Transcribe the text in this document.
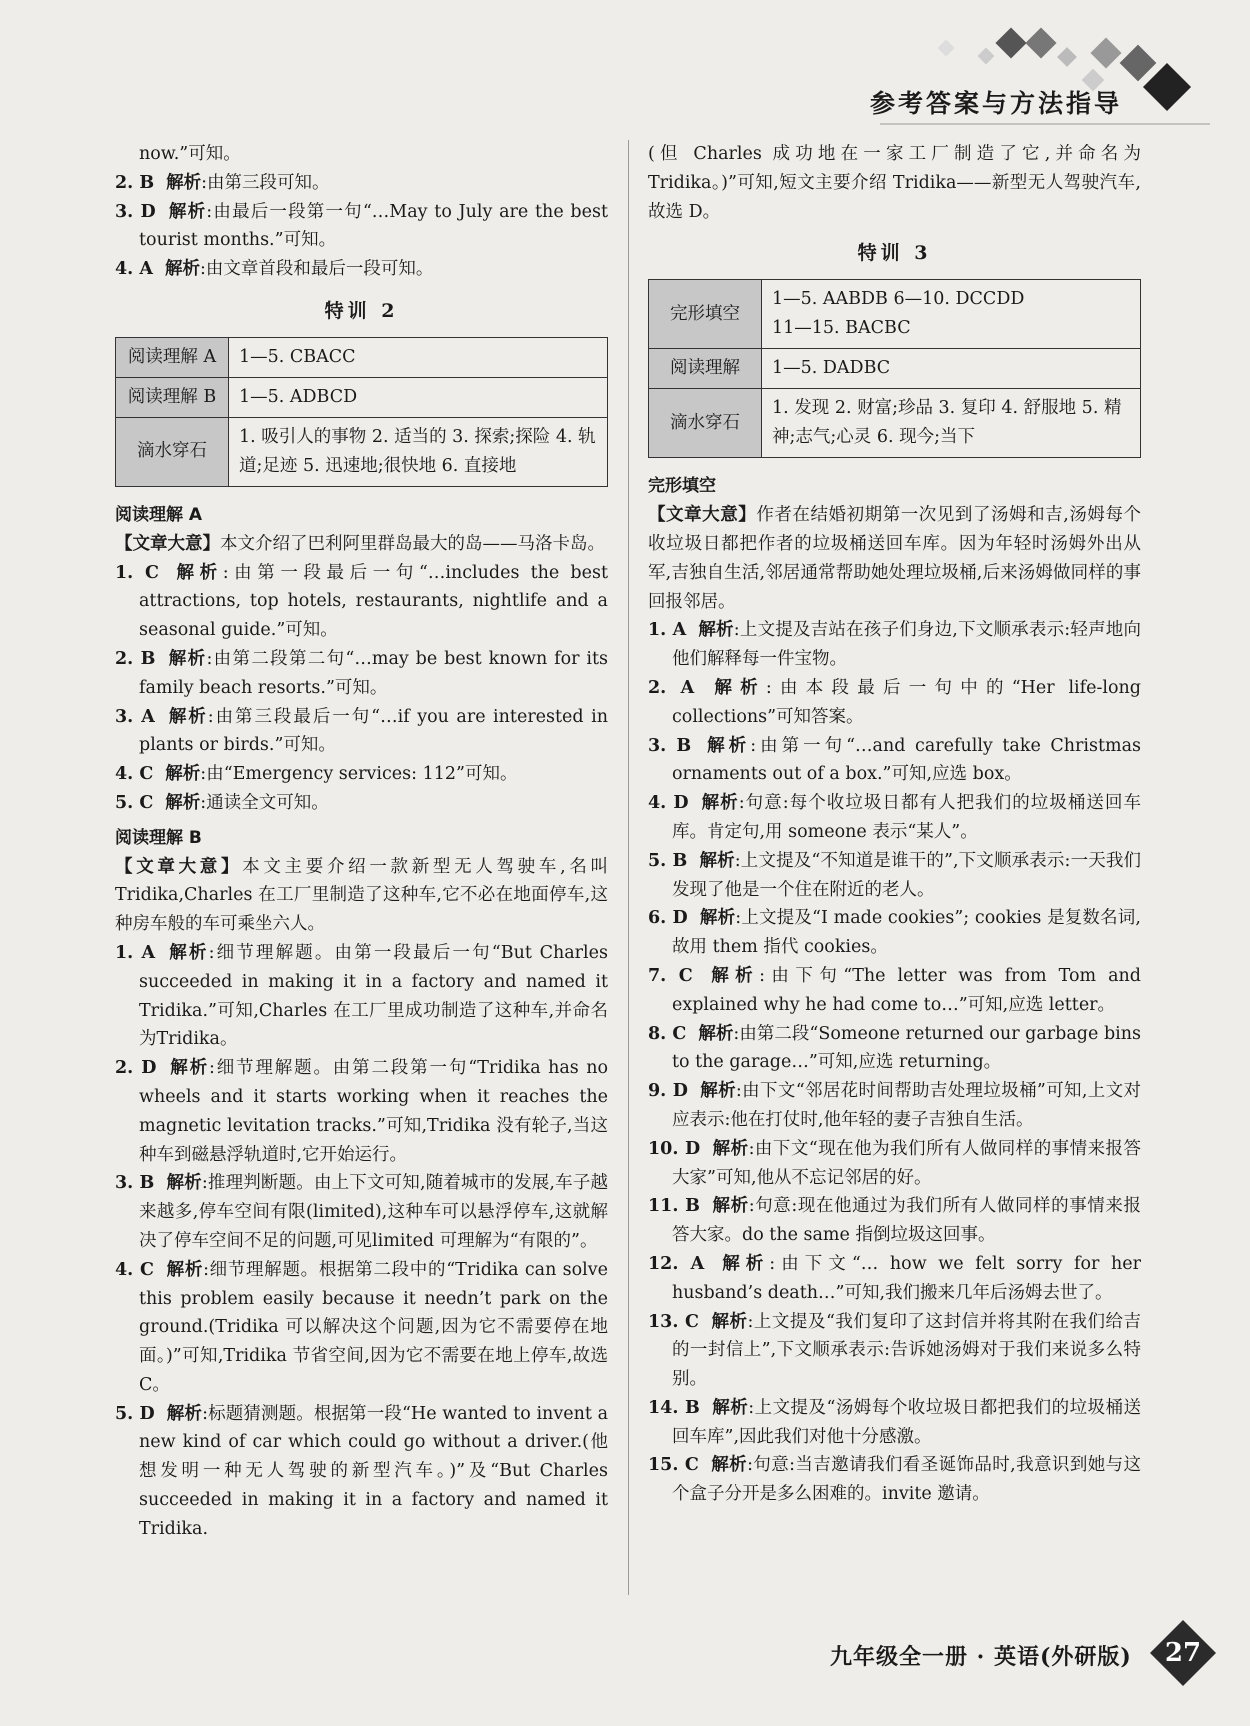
参考答案与方法指导

now.”可知。

2. B 解析:由第三段可知。

3. D 解析:由最后一段第一句“…May to July are the best tourist months.”可知。

4. A 解析:由文章首段和最后一段可知。

特训 2
阅读理解 A	1—5. CBACC
阅读理解 B	1—5. ADBCD
滴水穿石	1. 吸引人的事物 2. 适当的 3. 探索;探险 4. 轨道;足迹 5. 迅速地;很快地 6. 直接地
阅读理解 A

【文章大意】本文介绍了巴利阿里群岛最大的岛——马洛卡岛。

1. C 解析:由第一段最后一句“…includes the best attractions, top hotels, restaurants, nightlife and a seasonal guide.”可知。

2. B 解析:由第二段第二句“…may be best known for its family beach resorts.”可知。

3. A 解析:由第三段最后一句“…if you are interested in plants or birds.”可知。

4. C 解析:由“Emergency services: 112”可知。

5. C 解析:通读全文可知。

阅读理解 B

【文章大意】本文主要介绍一款新型无人驾驶车,名叫Tridika,Charles 在工厂里制造了这种车,它不必在地面停车,这种房车般的车可乘坐六人。

1. A 解析:细节理解题。由第一段最后一句“But Charles succeeded in making it in a factory and named it Tridika.”可知,Charles 在工厂里成功制造了这种车,并命名为Tridika。

2. D 解析:细节理解题。由第二段第一句“Tridika has no wheels and it starts working when it reaches the magnetic levitation tracks.”可知,Tridika 没有轮子,当这种车到磁悬浮轨道时,它开始运行。

3. B 解析:推理判断题。由上下文可知,随着城市的发展,车子越来越多,停车空间有限(limited),这种车可以悬浮停车,这就解决了停车空间不足的问题,可见limited 可理解为“有限的”。

4. C 解析:细节理解题。根据第二段中的“Tridika can solve this problem easily because it needn’t park on the ground.(Tridika 可以解决这个问题,因为它不需要停在地面。)”可知,Tridika 节省空间,因为它不需要在地上停车,故选 C。

5. D 解析:标题猜测题。根据第一段“He wanted to invent a new kind of car which could go without a driver.(他想发明一种无人驾驶的新型汽车。)”及“But Charles succeeded in making it in a factory and named it Tridika.

(但 Charles 成功地在一家工厂制造了它,并命名为Tridika。)”可知,短文主要介绍 Tridika——新型无人驾驶汽车,故选 D。

特训 3
完形填空	1—5. AABDB 6—10. DCCDD
11—15. BACBC

阅读理解	1—5. DADBC
滴水穿石	1. 发现 2. 财富;珍品 3. 复印 4. 舒服地 5. 精神;志气;心灵 6. 现今;当下
完形填空

【文章大意】作者在结婚初期第一次见到了汤姆和吉,汤姆每个收垃圾日都把作者的垃圾桶送回车库。因为年轻时汤姆外出从军,吉独自生活,邻居通常帮助她处理垃圾桶,后来汤姆做同样的事回报邻居。

1. A 解析:上文提及吉站在孩子们身边,下文顺承表示:轻声地向他们解释每一件宝物。

2. A 解析:由本段最后一句中的“Her life-long collections”可知答案。

3. B 解析:由第一句“…and carefully take Christmas ornaments out of a box.”可知,应选 box。

4. D 解析:句意:每个收垃圾日都有人把我们的垃圾桶送回车库。肯定句,用 someone 表示“某人”。

5. B 解析:上文提及“不知道是谁干的”,下文顺承表示:一天我们发现了他是一个住在附近的老人。

6. D 解析:上文提及“I made cookies”; cookies 是复数名词,故用 them 指代 cookies。

7. C 解析:由下句“The letter was from Tom and explained why he had come to…”可知,应选 letter。

8. C 解析:由第二段“Someone returned our garbage bins to the garage…”可知,应选 returning。

9. D 解析:由下文“邻居花时间帮助吉处理垃圾桶”可知,上文对应表示:他在打仗时,他年轻的妻子吉独自生活。

10. D 解析:由下文“现在他为我们所有人做同样的事情来报答大家”可知,他从不忘记邻居的好。

11. B 解析:句意:现在他通过为我们所有人做同样的事情来报答大家。do the same 指倒垃圾这回事。

12. A 解析:由下文“… how we felt sorry for her husband’s death…”可知,我们搬来几年后汤姆去世了。

13. C 解析:上文提及“我们复印了这封信并将其附在我们给吉的一封信上”,下文顺承表示:告诉她汤姆对于我们来说多么特别。

14. B 解析:上文提及“汤姆每个收垃圾日都把我们的垃圾桶送回车库”,因此我们对他十分感激。

15. C 解析:句意:当吉邀请我们看圣诞饰品时,我意识到她与这个盒子分开是多么困难的。invite 邀请。

九年级全一册 · 英语(外研版)	27
